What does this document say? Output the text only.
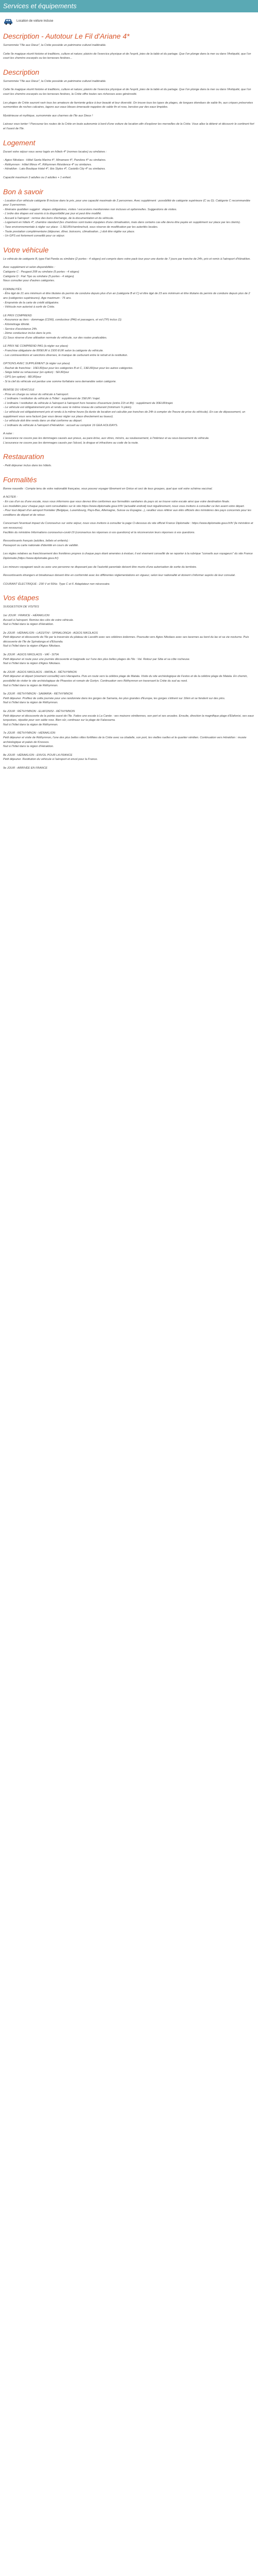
Services et équipements
Location de voiture incluse
Description - Autotour Le Fil d'Ariane 4*

Surnommée "l'Ile aux Dieux", la Crète possède un patrimoine culturel inaltérable.

Cette île magique réunit histoire et traditions, culture et nature; plaisirs de l'exercice physique et de l'esprit, joies de la table et du partage. Que l'on plonge dans la mer ou dans l'Antiquité, que l'on court les chemins escarpés ou les terrasses festives...

Description

Surnommée "l'Ile aux Dieux", la Crète possède un patrimoine culturel inaltérable.

Cette île magique réunit histoire et traditions, culture et nature; plaisirs de l'exercice physique et de l'esprit, joies de la table et du partage. Que l'on plonge dans la mer ou dans l'Antiquité, que l'on court les chemins escarpés ou les terrasses festives, la Crète offre toutes ses richesses avec générosité.

Les plages de Crète sauront ravir tous les amateurs de farniente grâce à leur beauté et leur diversité. On trouve tous les types de plages, de longues étendues de sable fin, aux criques préservées surmontées de roches calcaires, lagons aux eaux bleues émeraude nappées de sable fin et rose, bercées par des eaux limpides.

Mystérieuse et mythique, surnommée aux charmes de l'Ile aux Dieux !

Laissez vous tenter ! Parcourez les routes de la Crète en toute autonomie à bord d'une voiture de location afin d'explorer les merveilles de la Crète. Vous allez la détenir et découvrir le continent fort et l'ouest de l'île.

Logement

Durant votre séjour vous serez logés en hôtels 4* (normes locales) ou similaires :

- Agios Nikolaos : Hôtel Santa Marina 4*, Minamare 4*, Pandora 4* ou similaires.
- Réthymnon : Hôtel Minos 4*, Rithymnen Résidence 4* ou similaires.
- Héraklion : Lato Boutique Hotel 4*, Ibis Styles 4*, Castello City 4* ou similaires.

Capacité maximum 3 adultes ou 2 adultes + 1 enfant.

Bon à savoir

- Location d'un véhicule catégorie B incluse dans le prix, pour une capacité maximale de 2 personnes. Avec supplément : possibilité de catégorie supérieure (C ou D). Catégorie C recommandée pour 3 personnes.
- Itinéraire quotidien suggéré : étapes obligatoires, visites / excursions mentionnées non incluses et optionnelles. Suggestions de visites.
- L'ordre des étapes est soumis à la disponibilité par jour et peut être modifié.
- Accueil à l'aéroport : remise des bons d'échange, de la documentation et du véhicule.
- Logement en hôtels 4*, chambre standard (les chambres sont toutes équipées d'une climatisation, mais dans certains cas elle devra être payée en supplément sur place par les clients).
- Taxe environnementale à régler sur place : 1.5EUR/chambre/nuit, sous réserve de modification par les autorités locales.
- Toute prestation complémentaire (déjeuner, dîner, boissons, climatisation...) doit être réglée sur place.
- Un GPS est fortement conseillé pour ce séjour.

Votre véhicule

Le véhicule de catégorie B, type Fiat Panda ou similaire (2 portes - 4 sièges) est compris dans votre pack tour pour une durée de 7 jours par tranche de 24h, prix et remis à l'aéroport d'Héraklion.

Avec supplément et selon disponibilités :
Catégorie C : Peugeot 208 ou similaire (5 portes - 4 sièges)
Catégorie D : Fiat Tipo ou similaire (5 portes - 4 sièges)
Nous consulter pour d'autres catégories.

FORMALITÉS
- Être âgé de 21 ans minimum et être titulaire du permis de conduire depuis plus d'un an (catégorie B et C) et être âgé de 23 ans minimum et être titulaire du permis de conduire depuis plus de 2 ans (catégories supérieures). Age maximum : 75 ans.
- Empreinte de la carte de crédit obligatoire.
- Véhicule non autorisé à sortir de Crète.

LE PRIX COMPREND
- Assurance au tiers - dommage (CDW), conducteur (PAI) et passagers, et vol (TP) inclus (1)
- Kilométrage illimité.
- Service d'assistance 24h.
- 2ème conducteur inclus dans le prix.
(1) Sous réserve d'une utilisation normale du véhicule, sur des routes praticables.

LE PRIX NE COMPREND PAS (à régler sur place)
- Franchise obligatoire de 800EUR à 1500 EUR selon la catégorie du véhicule.
- Les contraventions et sanctions diverses, le manque de carburant entre le retrait et la restitution.

OPTIONS AVEC SUPPLÉMENT (à régler sur place)
- Rachat de franchise : 10EUR/jour pour les catégories B et C, 13EUR/jour pour les autres catégories.
- Siège bébé ou rehausseur (en option) : 5EUR/jour
- GPS (en option) : 8EUR/jour
- Si la clef du véhicule est perdue une somme forfaitaire sera demandée selon catégorie.

REMISE DU VÉHICULE
- Prise en charge ou retour du véhicule à l'aéroport.
- L'ordinaire / restitution du véhicule à l'hôtel : supplément de 15EUR / trajet.
- L'ordinaire / restitution du véhicule à l'aéroport à l'aéroport hors horaires d'ouverture (entre 21h et 8h) : supplément de 30EUR/trajet.
- Le véhicule est obligatoirement pris et rendu avec le même niveau de carburant (minimum ¼ plein).
- Le véhicule est obligatoirement pris et rendu à la même heure (la durée de location est calculée par tranches de 24h à compter de l'heure de prise du véhicule). En cas de dépassement, un supplément vous sera facturé (par vous devez régler sur place directement au loueur).
- Le véhicule doit être rendu dans un état conforme au départ.
- L'ordinaire du véhicule à l'aéroport d'Héraklion : accueil au comptoir 16 GEA HOLIDAYS.

A noter :
L'assurance ne couvre pas les dommages causés aux pneus, au pare-brise, aux vitres, miroirs, au soubassement, à l'intérieur et au sous-bassement du véhicule.
L'assurance ne couvre pas les dommages causés par l'alcool, la drogue et infractions au code de la route.

Restauration

- Petit déjeuner inclus dans les hôtels.

Formalités

Bonne nouvelle : Compte tenu de votre nationalité française, vous pouvez voyager librement en Grèce et ceci de tous groupes, quel que soit votre schéma vaccinal.

A NOTER :
- En cas d'un ou d'une escale, nous vous informons que vous devrez être conformes aux formalités sanitaires du pays où se trouve votre escale ainsi que votre destination finale.
Les modalités pour chaque pays sont consultables sur le site https://www.diplomatie.gouv.fr/fr/ (actualité endroit) tout régulièrement, nous vous invitons à consulter ce lien avant votre départ.
- Pour tout départ d'un aéroport frontalier (Belgique, Luxembourg, Pays-Bas, Allemagne, Suisse ou Espagne...), veuillez vous référer aux élés officiels des ministères des pays concernés pour les conditions de départ et de retour.

Concernant l'éventuel impact du Coronavirus sur votre séjour, nous vous invitons à consulter la page Ci-dessous du site officiel France Diplomatie : https://www.diplomatie.gouv.fr/fr/ (le ministère et son ressource).
Facilités du ministère Informations coronavirus-covid-19 (coronavirus les réponses à vos questions) et la réconversion leurs réponses à vos questions.

Ressortissants français (adultes, bébés et enfants) :
Passeport ou carte nationale d'identité en cours de validité.

Les règles relatives au franchissement des frontières propres à chaque pays étant amenées à évoluer, il est vivement conseillé de se reporter à la rubrique "conseils aux voyageurs" du site France Diplomatie.(https://www.diplomatie.gouv.fr/)

Les mineurs voyageant seuls ou avec une personne ne disposant pas de l'autorité parentale doivent être munis d'une autorisation de sortie du territoire.

Ressortissants étrangers et binationaux doivent être en conformité avec les différentes réglementations en vigueur, selon leur nationalité et doivent s'informer auprès de leur consulat.

COURANT ÉLECTRIQUE : 230 V et 50Hz. Type C et F. Adaptateur non nécessaire.

Vos étapes

SUGGESTION DE VISITES

1er JOUR : FRANCE - HÉRAKLION

Accueil à l'aéroport. Remise des clés de votre véhicule.
Nuit à l'hôtel dans la région d'Héraklion.

2e JOUR : HÉRAKLION - LASSITHI - SPINALONGA - AGIOS NIKOLAOS

Petit déjeuner et découverte de l'île par la traversée du plateau de Lassithi avec ses célèbres éoliennes. Poursuite vers Agios Nikolaos avec ses tavernes au bord du lac et sa vie nocturne. Puis découverte de l'île de Spinalonga et d'Elounda.
Nuit à l'hôtel dans la région d'Agios Nikolaos.

3e JOUR : AGIOS NIKOLAOS - VAÏ - SITIA

Petit déjeuner et route pour une journée découverte et baignade sur l'une des plus belles plages de l'île : Vaï. Retour par Sitia et sa côte rocheuse.
Nuit à l'hôtel dans la région d'Agios Nikolaos.

4e JOUR : AGIOS NIKOLAOS - MATALA - RÉTHYMNON

Petit déjeuner et départ (vivement conseillé) vers Hierapetra. Puis en route vers la célèbre plage de Matala. Visite du site archéologique de Festos et de la célèbre plage de Matala. En chemin, possibilité de visiter le site archéologique de Phaestos et romain de Gortyn. Continuation vers Réthymnon en traversant la Crète du sud au nord.
Nuit à l'hôtel dans la région de Réthymnon.

5e JOUR : RÉTHYMNON - SAMARIA - RÉTHYMNON

Petit déjeuner. Profitez de cette journée pour une randonnée dans les gorges de Samaria, les plus grandes d'Europe, les gorges s'étirent sur 16km et se fondent sur des pins.
Nuit à l'hôtel dans la région de Réthymnon.

6e JOUR : RÉTHYMNON - ELAFONISI - RÉTHYMNON

Petit déjeuner et découverte de la pointe ouest de l'île. Faites une escale à La Canée : ses maisons vénitiennes, son port et ses arcades. Ensuite, direction la magnifique plage d'Elafonisi, ses eaux turquoises, réputée pour son sable rose. Bien sûr, continuez sur la plage de Falassarna.
Nuit à l'hôtel dans la région de Réthymnon.

7e JOUR : RÉTHYMNON - HÉRAKLION

Petit déjeuner et visite de Réthymnon, l'une des plus belles villes fortifiées de la Crète avec sa citadelle, son port, les vieilles ruelles et le quartier vénitien. Continuation vers Héraklion : musée archéologique et palais de Knossos.
Nuit à l'hôtel dans la région d'Héraklion.

8e JOUR : HÉRAKLION - ENVOL POUR LA FRANCE

Petit déjeuner. Restitution du véhicule à l'aéroport et envol pour la France.

9e JOUR : ARRIVÉE EN FRANCE
